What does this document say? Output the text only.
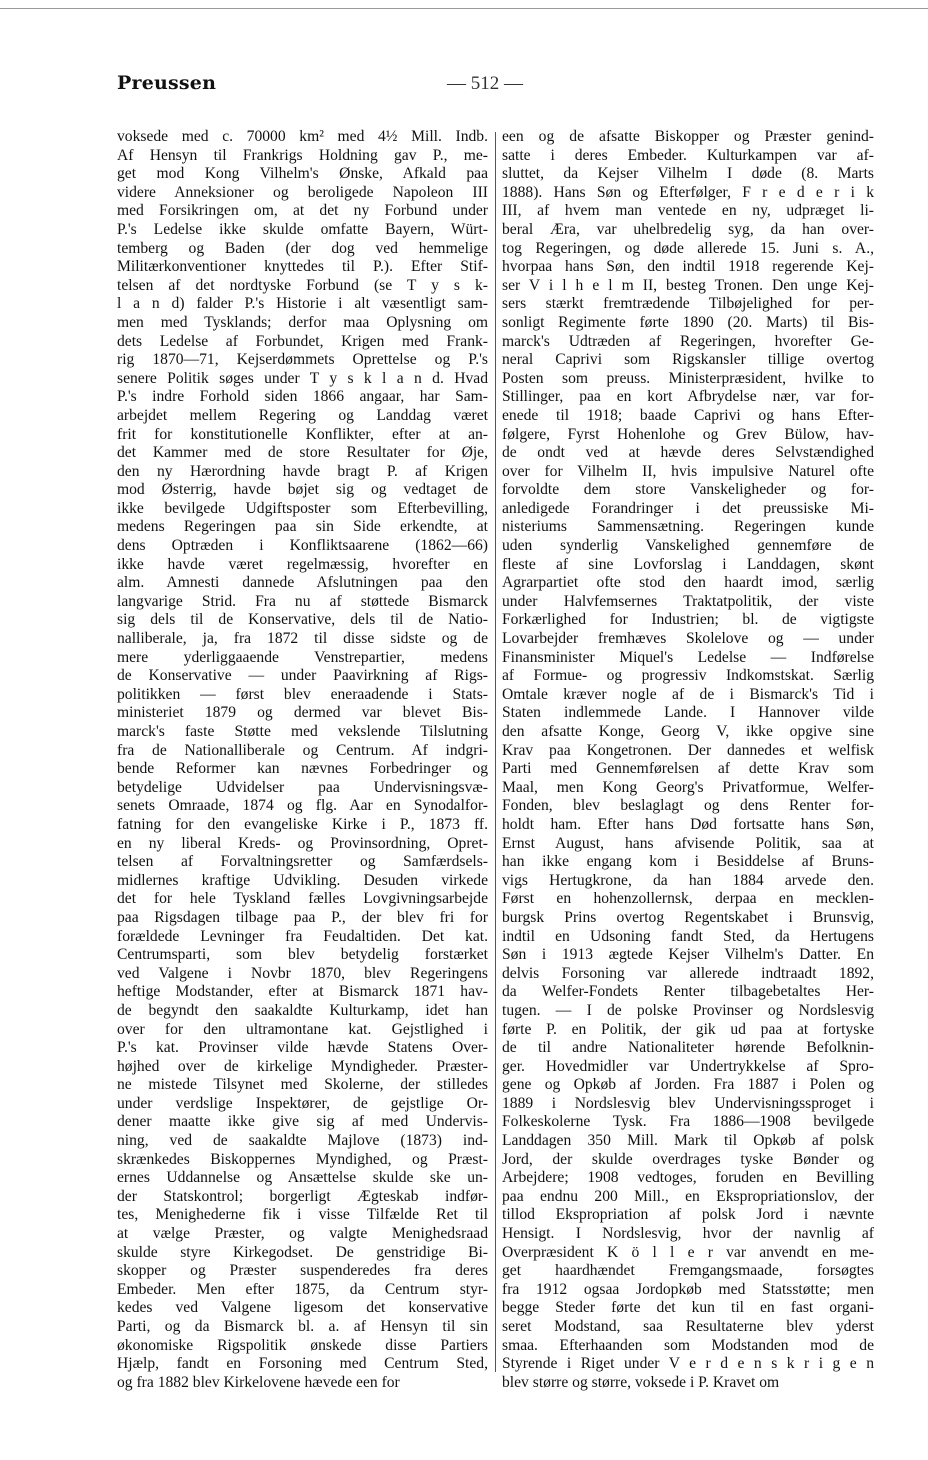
Preussen	— 512 —
voksede med c. 70000 km² med 4½ Mill. Indb.
Af Hensyn til Frankrigs Holdning gav P., me-
get mod Kong Vilhelm's Ønske, Afkald paa
videre Anneksioner og beroligede Napoleon III
med Forsikringen om, at det ny Forbund under
P.'s Ledelse ikke skulde omfatte Bayern, Würt-
temberg og Baden (der dog ved hemmelige
Militærkonventioner knyttedes til P.). Efter Stif-
telsen af det nordtyske Forbund (se T y s k-
l a n d) falder P.'s Historie i alt væsentligt sam-
men med Tysklands; derfor maa Oplysning om
dets Ledelse af Forbundet, Krigen med Frank-
rig 1870—71, Kejserdømmets Oprettelse og P.'s
senere Politik søges under T y s k l a n d. Hvad
P.'s indre Forhold siden 1866 angaar, har Sam-
arbejdet mellem Regering og Landdag været
frit for konstitutionelle Konflikter, efter at an-
det Kammer med de store Resultater for Øje,
den ny Hærordning havde bragt P. af Krigen
mod Østerrig, havde bøjet sig og vedtaget de
ikke bevilgede Udgiftsposter som Efterbevilling,
medens Regeringen paa sin Side erkendte, at
dens Optræden i Konfliktsaarene (1862—66)
ikke havde været regelmæssig, hvorefter en
alm. Amnesti dannede Afslutningen paa den
langvarige Strid. Fra nu af støttede Bismarck
sig dels til de Konservative, dels til de Natio-
nalliberale, ja, fra 1872 til disse sidste og de
mere yderliggaaende Venstrepartier, medens
de Konservative — under Paavirkning af Rigs-
politikken — først blev eneraadende i Stats-
ministeriet 1879 og dermed var blevet Bis-
marck's faste Støtte med vekslende Tilslutning
fra de Nationalliberale og Centrum. Af indgri-
bende Reformer kan nævnes Forbedringer og
betydelige Udvidelser paa Undervisningsvæ-
senets Omraade, 1874 og flg. Aar en Synodalfor-
fatning for den evangeliske Kirke i P., 1873 ff.
en ny liberal Kreds- og Provinsordning, Opret-
telsen af Forvaltningsretter og Samfærdsels-
midlernes kraftige Udvikling. Desuden virkede
det for hele Tyskland fælles Lovgivningsarbejde
paa Rigsdagen tilbage paa P., der blev fri for
forældede Levninger fra Feudaltiden. Det kat.
Centrumsparti, som blev betydelig forstærket
ved Valgene i Novbr 1870, blev Regeringens
heftige Modstander, efter at Bismarck 1871 hav-
de begyndt den saakaldte Kulturkamp, idet han
over for den ultramontane kat. Gejstlighed i
P.'s kat. Provinser vilde hævde Statens Over-
højhed over de kirkelige Myndigheder. Præster-
ne mistede Tilsynet med Skolerne, der stilledes
under verdslige Inspektører, de gejstlige Or-
dener maatte ikke give sig af med Undervis-
ning, ved de saakaldte Majlove (1873) ind-
skrænkedes Biskoppernes Myndighed, og Præst-
ernes Uddannelse og Ansættelse skulde ske un-
der Statskontrol; borgerligt Ægteskab indfør-
tes, Menighederne fik i visse Tilfælde Ret til
at vælge Præster, og valgte Menighedsraad
skulde styre Kirkegodset. De genstridige Bi-
skopper og Præster suspenderedes fra deres
Embeder. Men efter 1875, da Centrum styr-
kedes ved Valgene ligesom det konservative
Parti, og da Bismarck bl. a. af Hensyn til sin
økonomiske Rigspolitik ønskede disse Partiers
Hjælp, fandt en Forsoning med Centrum Sted,
og fra 1882 blev Kirkelovene hævede een for
een og de afsatte Biskopper og Præster genind-
satte i deres Embeder. Kulturkampen var af-
sluttet, da Kejser Vilhelm I døde (8. Marts
1888). Hans Søn og Efterfølger, F r e d e r i k
III, af hvem man ventede en ny, udpræget li-
beral Æra, var uhelbredelig syg, da han over-
tog Regeringen, og døde allerede 15. Juni s. A.,
hvorpaa hans Søn, den indtil 1918 regerende Kej-
ser V i l h e l m II, besteg Tronen. Den unge Kej-
sers stærkt fremtrædende Tilbøjelighed for per-
sonligt Regimente førte 1890 (20. Marts) til Bis-
marck's Udtræden af Regeringen, hvorefter Ge-
neral Caprivi som Rigskansler tillige overtog
Posten som preuss. Ministerpræsident, hvilke to
Stillinger, paa en kort Afbrydelse nær, var for-
enede til 1918; baade Caprivi og hans Efter-
følgere, Fyrst Hohenlohe og Grev Bülow, hav-
de ondt ved at hævde deres Selvstændighed
over for Vilhelm II, hvis impulsive Naturel ofte
forvoldte dem store Vanskeligheder og for-
anledigede Forandringer i det preussiske Mi-
nisteriums Sammensætning. Regeringen kunde
uden synderlig Vanskelighed gennemføre de
fleste af sine Lovforslag i Landdagen, skønt
Agrarpartiet ofte stod den haardt imod, særlig
under Halvfemsernes Traktatpolitik, der viste
Forkærlighed for Industrien; bl. de vigtigste
Lovarbejder fremhæves Skolelove og — under
Finansminister Miquel's Ledelse — Indførelse
af Formue- og progressiv Indkomstskat. Særlig
Omtale kræver nogle af de i Bismarck's Tid i
Staten indlemmede Lande. I Hannover vilde
den afsatte Konge, Georg V, ikke opgive sine
Krav paa Kongetronen. Der dannedes et welfisk
Parti med Gennemførelsen af dette Krav som
Maal, men Kong Georg's Privatformue, Welfer-
Fonden, blev beslaglagt og dens Renter for-
holdt ham. Efter hans Død fortsatte hans Søn,
Ernst August, hans afvisende Politik, saa at
han ikke engang kom i Besiddelse af Bruns-
vigs Hertugkrone, da han 1884 arvede den.
Først en hohenzollernsk, derpaa en mecklen-
burgsk Prins overtog Regentskabet i Brunsvig,
indtil en Udsoning fandt Sted, da Hertugens
Søn i 1913 ægtede Kejser Vilhelm's Datter. En
delvis Forsoning var allerede indtraadt 1892,
da Welfer-Fondets Renter tilbagebetaltes Her-
tugen. — I de polske Provinser og Nordslesvig
førte P. en Politik, der gik ud paa at fortyske
de til andre Nationaliteter hørende Befolknin-
ger. Hovedmidler var Undertrykkelse af Spro-
gene og Opkøb af Jorden. Fra 1887 i Polen og
1889 i Nordslesvig blev Undervisningssproget i
Folkeskolerne Tysk. Fra 1886—1908 bevilgede
Landdagen 350 Mill. Mark til Opkøb af polsk
Jord, der skulde overdrages tyske Bønder og
Arbejdere; 1908 vedtoges, foruden en Bevilling
paa endnu 200 Mill., en Ekspropriationslov, der
tillod Ekspropriation af polsk Jord i nævnte
Hensigt. I Nordslesvig, hvor der navnlig af
Overpræsident K ö l l e r var anvendt en me-
get haardhændet Fremgangsmaade, forsøgtes
fra 1912 ogsaa Jordopkøb med Statsstøtte; men
begge Steder førte det kun til en fast organi-
seret Modstand, saa Resultaterne blev yderst
smaa. Efterhaanden som Modstanden mod de
Styrende i Riget under V e r d e n s k r i g e n
blev større og større, voksede i P. Kravet om
